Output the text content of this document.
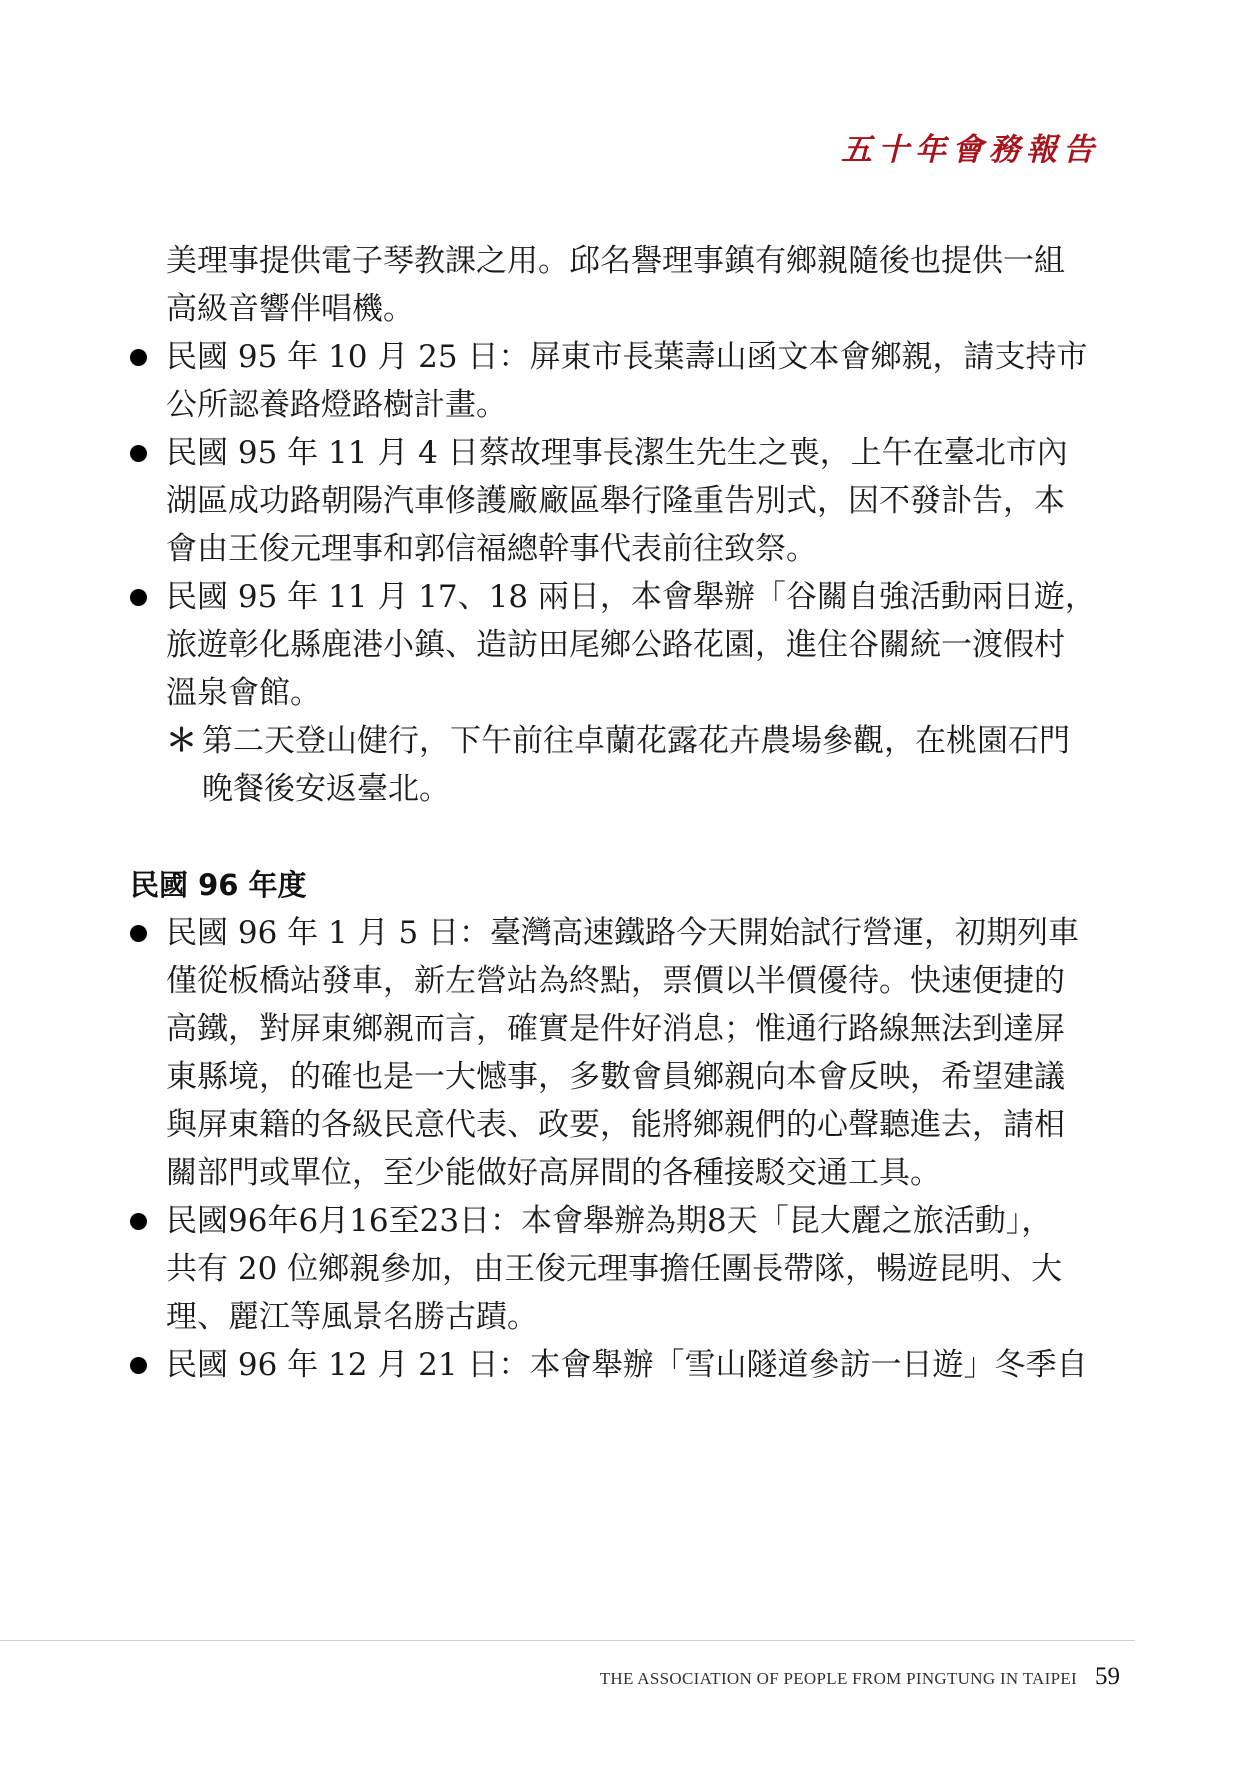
五十年會務報告
美理事提供電子琴教課之用。邱名譽理事鎮有鄉親隨後也提供一組
高級音響伴唱機。
民國 95 年 10 月 25 日：屏東市長葉壽山函文本會鄉親，請支持市
公所認養路燈路樹計畫。
民國 95 年 11 月 4 日蔡故理事長潔生先生之喪，上午在臺北市內
湖區成功路朝陽汽車修護廠廠區舉行隆重告別式，因不發訃告，本
會由王俊元理事和郭信福總幹事代表前往致祭。
民國 95 年 11 月 17、18 兩日，本會舉辦「谷關自強活動兩日遊，
旅遊彰化縣鹿港小鎮、造訪田尾鄉公路花園，進住谷關統一渡假村
溫泉會館。
＊ 第二天登山健行，下午前往卓蘭花露花卉農場參觀，在桃園石門
晚餐後安返臺北。
民國 96 年度
民國 96 年 1 月 5 日：臺灣高速鐵路今天開始試行營運，初期列車
僅從板橋站發車，新左營站為終點，票價以半價優待。快速便捷的
高鐵，對屏東鄉親而言，確實是件好消息；惟通行路線無法到達屏
東縣境，的確也是一大憾事，多數會員鄉親向本會反映，希望建議
與屏東籍的各級民意代表、政要，能將鄉親們的心聲聽進去，請相
關部門或單位，至少能做好高屏間的各種接駁交通工具。
民國96年6月16至23日：本會舉辦為期8天「昆大麗之旅活動」，
共有 20 位鄉親參加，由王俊元理事擔任團長帶隊，暢遊昆明、大
理、麗江等風景名勝古蹟。
民國 96 年 12 月 21 日：本會舉辦「雪山隧道參訪一日遊」冬季自
THE ASSOCIATION OF PEOPLE FROM PINGTUNG IN TAIPEI 59
